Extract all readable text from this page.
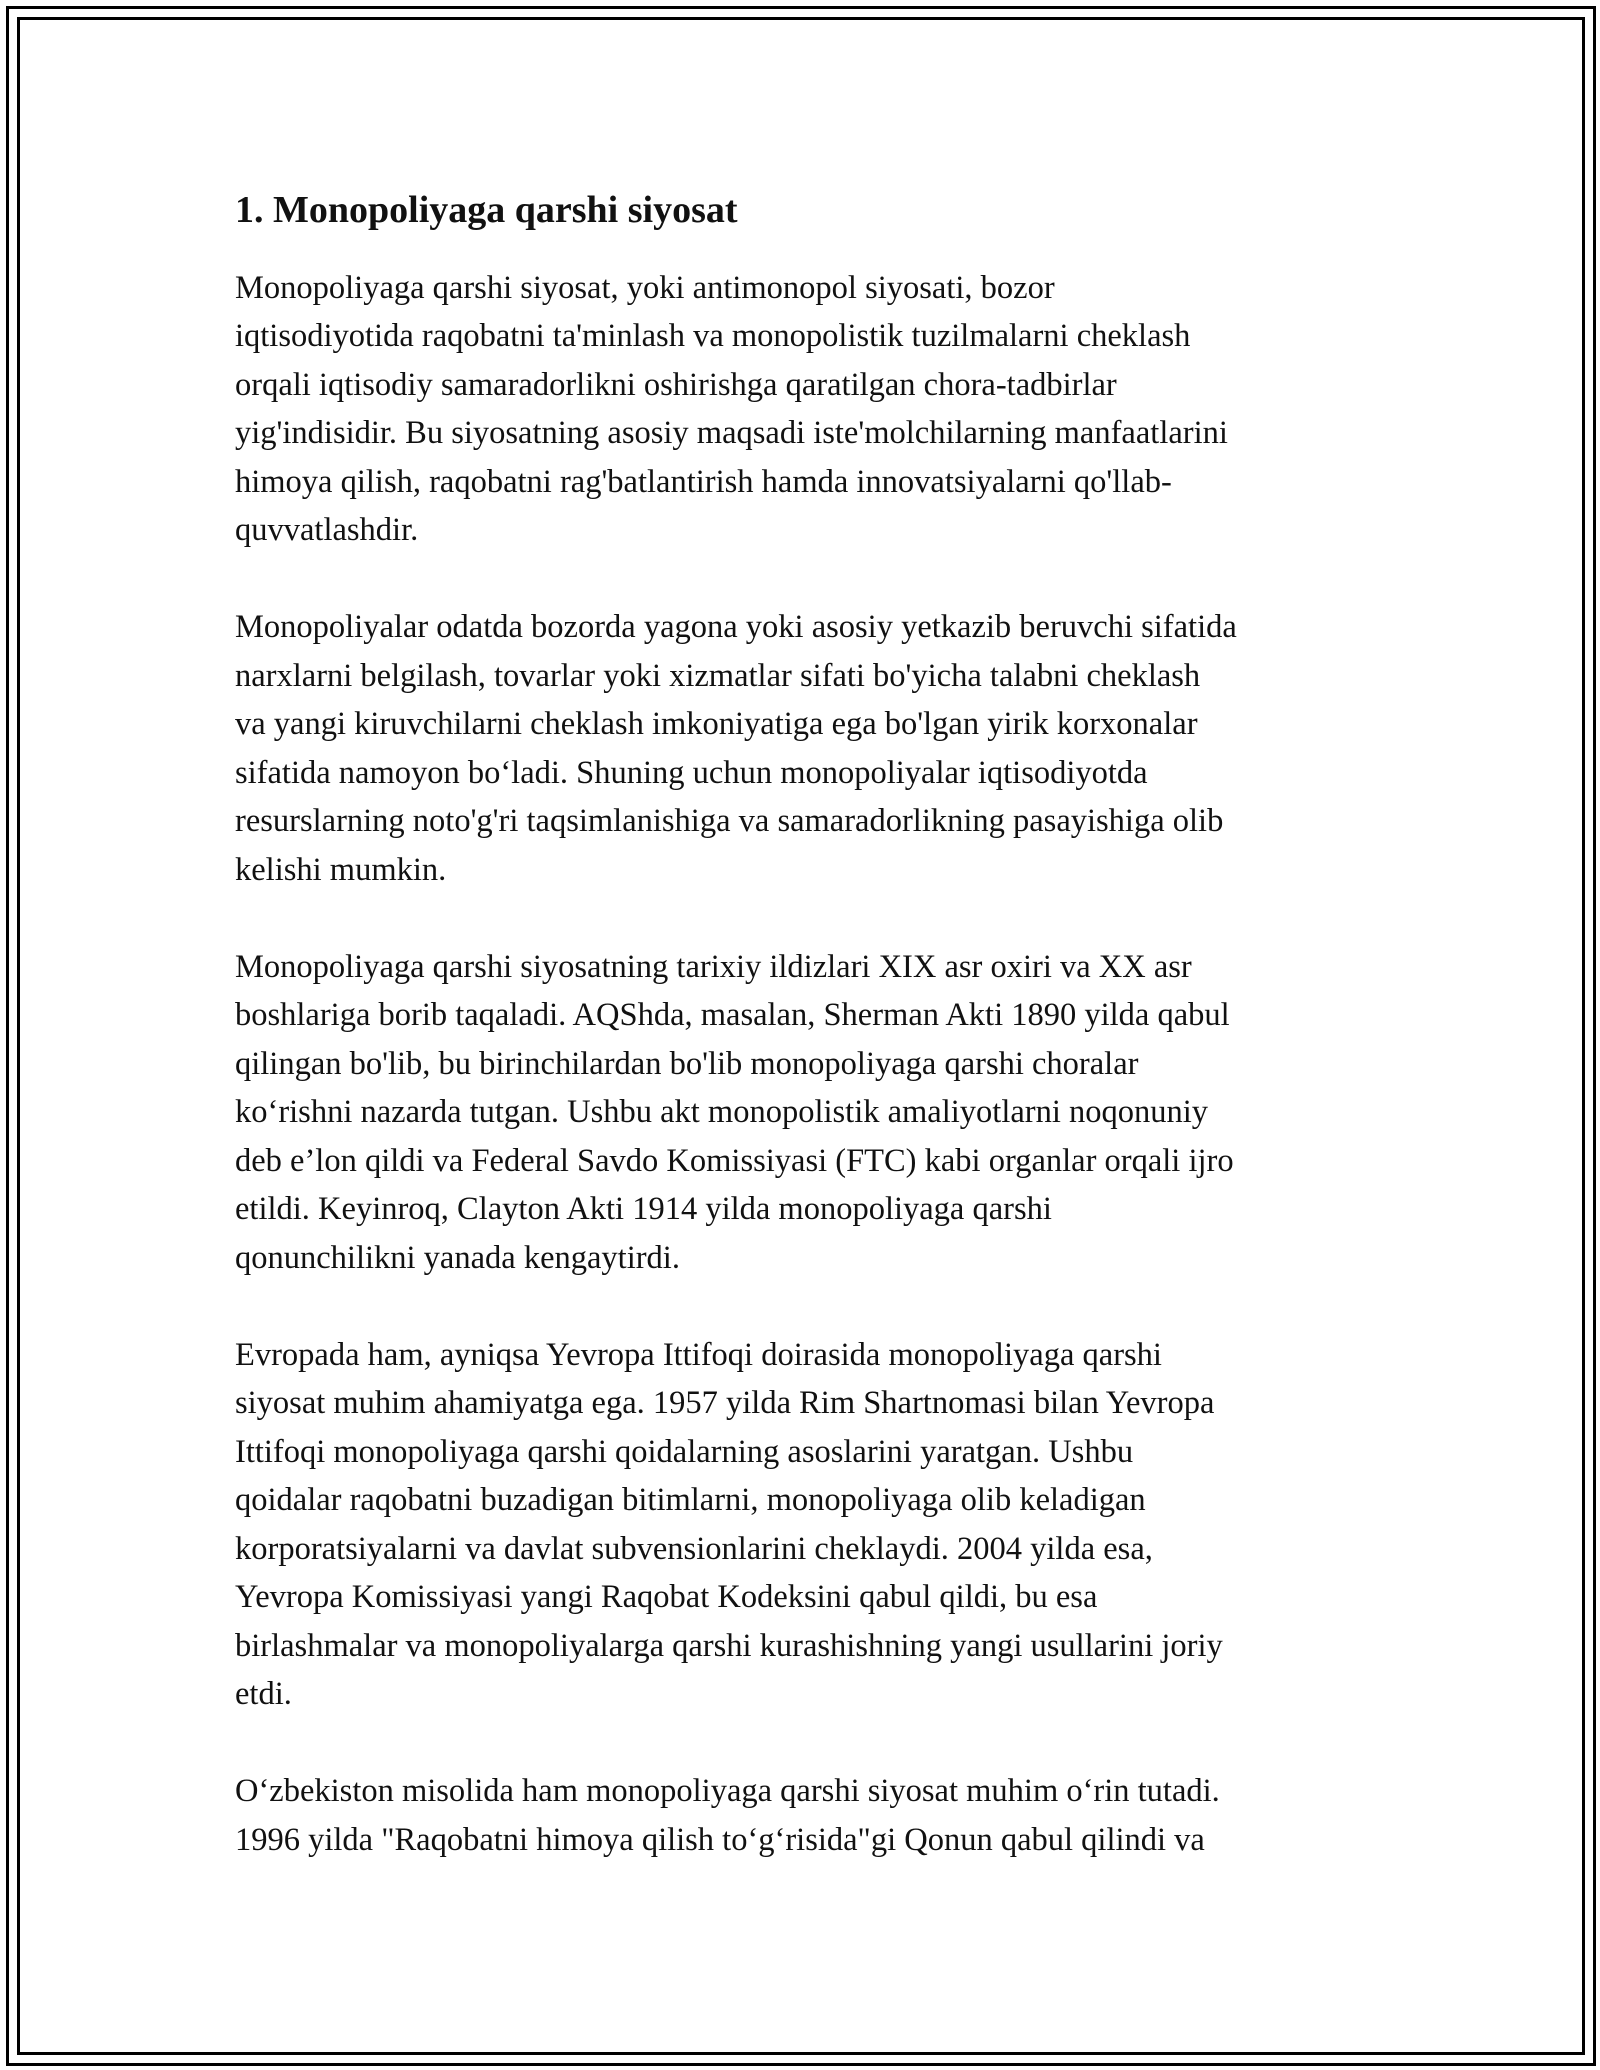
1. Monopoliyaga qarshi siyosat

Monopoliyaga qarshi siyosat, yoki antimonopol siyosati, bozor
iqtisodiyotida raqobatni ta'minlash va monopolistik tuzilmalarni cheklash
orqali iqtisodiy samaradorlikni oshirishga qaratilgan chora-tadbirlar
yig'indisidir. Bu siyosatning asosiy maqsadi iste'molchilarning manfaatlarini
himoya qilish, raqobatni rag'batlantirish hamda innovatsiyalarni qo'llab-
quvvatlashdir.

Monopoliyalar odatda bozorda yagona yoki asosiy yetkazib beruvchi sifatida
narxlarni belgilash, tovarlar yoki xizmatlar sifati bo'yicha talabni cheklash
va yangi kiruvchilarni cheklash imkoniyatiga ega bo'lgan yirik korxonalar
sifatida namoyon bo‘ladi. Shuning uchun monopoliyalar iqtisodiyotda
resurslarning noto'g'ri taqsimlanishiga va samaradorlikning pasayishiga olib
kelishi mumkin.

Monopoliyaga qarshi siyosatning tarixiy ildizlari XIX asr oxiri va XX asr
boshlariga borib taqaladi. AQShda, masalan, Sherman Akti 1890 yilda qabul
qilingan bo'lib, bu birinchilardan bo'lib monopoliyaga qarshi choralar
ko‘rishni nazarda tutgan. Ushbu akt monopolistik amaliyotlarni noqonuniy
deb e’lon qildi va Federal Savdo Komissiyasi (FTC) kabi organlar orqali ijro
etildi. Keyinroq, Clayton Akti 1914 yilda monopoliyaga qarshi
qonunchilikni yanada kengaytirdi.

Evropada ham, ayniqsa Yevropa Ittifoqi doirasida monopoliyaga qarshi
siyosat muhim ahamiyatga ega. 1957 yilda Rim Shartnomasi bilan Yevropa
Ittifoqi monopoliyaga qarshi qoidalarning asoslarini yaratgan. Ushbu
qoidalar raqobatni buzadigan bitimlarni, monopoliyaga olib keladigan
korporatsiyalarni va davlat subvensionlarini cheklaydi. 2004 yilda esa,
Yevropa Komissiyasi yangi Raqobat Kodeksini qabul qildi, bu esa
birlashmalar va monopoliyalarga qarshi kurashishning yangi usullarini joriy
etdi.

O‘zbekiston misolida ham monopoliyaga qarshi siyosat muhim o‘rin tutadi.
1996 yilda "Raqobatni himoya qilish to‘g‘risida"gi Qonun qabul qilindi va
